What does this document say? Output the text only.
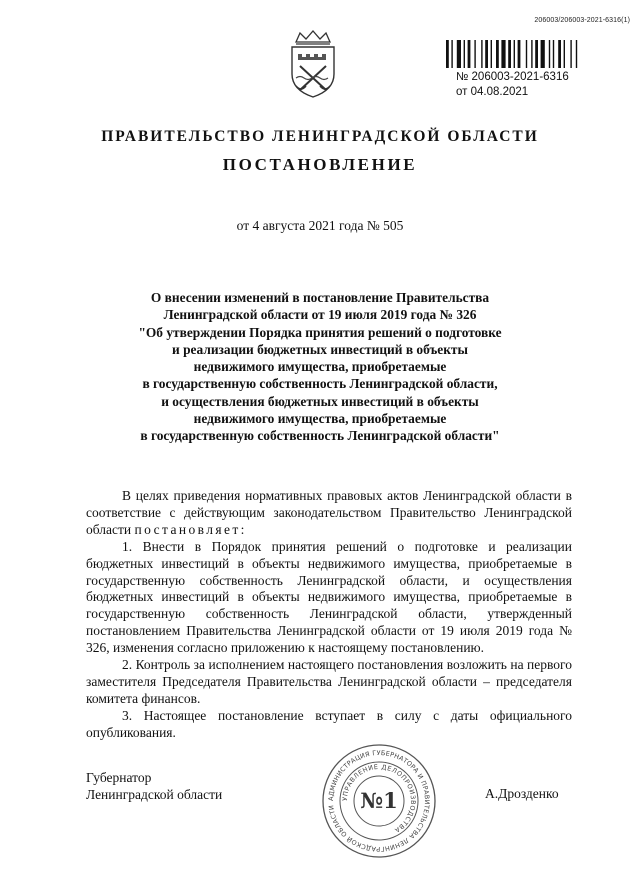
206003/206003-2021-6316(1)
№ 206003-2021-6316
от 04.08.2021
ПРАВИТЕЛЬСТВО ЛЕНИНГРАДСКОЙ ОБЛАСТИ
ПОСТАНОВЛЕНИЕ
от 4 августа 2021 года № 505
О внесении изменений в постановление Правительства
Ленинградской области от 19 июля 2019 года № 326
"Об утверждении Порядка принятия решений о подготовке
и реализации бюджетных инвестиций в объекты
недвижимого имущества, приобретаемые
в государственную собственность Ленинградской области,
и осуществления бюджетных инвестиций в объекты
недвижимого имущества, приобретаемые
в государственную собственность Ленинградской области"

В целях приведения нормативных правовых актов Ленинградской области в соответствие с действующим законодательством Правительство Ленинградской области постановляет:

1. Внести в Порядок принятия решений о подготовке и реализации бюджетных инвестиций в объекты недвижимого имущества, приобретаемые в государственную собственность Ленинградской области, и осуществления бюджетных инвестиций в объекты недвижимого имущества, приобретаемые в государственную собственность Ленинградской области, утвержденный постановлением Правительства Ленинградской области от 19 июля 2019 года № 326, изменения согласно приложению к настоящему постановлению.

2. Контроль за исполнением настоящего постановления возложить на первого заместителя Председателя Правительства Ленинградской области – председателя комитета финансов.

3. Настоящее постановление вступает в силу с даты официального опубликования.

Губернатор
Ленинградской области	АДМИНИСТРАЦИЯ ГУБЕРНАТОРА И ПРАВИТЕЛЬСТВА ЛЕНИНГРАДСКОЙ ОБЛАСТИ
УПРАВЛЕНИЕ ДЕЛОПРОИЗВОДСТВА
№1	А.Дрозденко
